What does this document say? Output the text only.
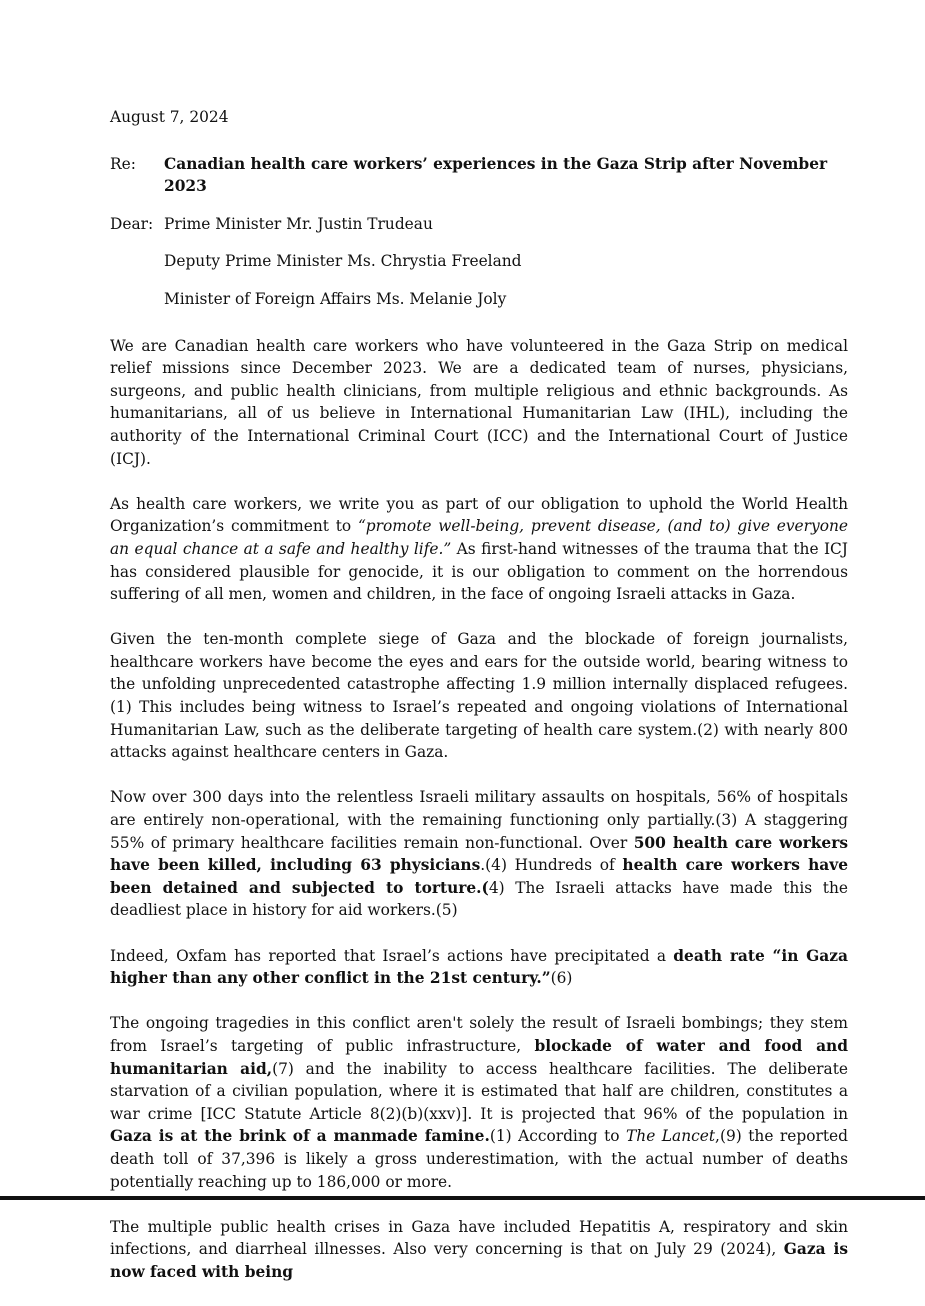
August 7, 2024
Re:	Canadian health care workers’ experiences in the Gaza Strip after November 2023
Dear: Prime Minister Mr. Justin Trudeau
Deputy Prime Minister Ms. Chrystia Freeland
Minister of Foreign Affairs Ms. Melanie Joly

We are Canadian health care workers who have volunteered in the Gaza Strip on medical relief missions since December 2023. We are a dedicated team of nurses, physicians, surgeons, and public health clinicians, from multiple religious and ethnic backgrounds. As humanitarians, all of us believe in International Humanitarian Law (IHL), including the authority of the International Criminal Court (ICC) and the International Court of Justice (ICJ).

As health care workers, we write you as part of our obligation to uphold the World Health Organization’s commitment to “promote well-being, prevent disease, (and to) give everyone an equal chance at a safe and healthy life.” As first-hand witnesses of the trauma that the ICJ has considered plausible for genocide, it is our obligation to comment on the horrendous suffering of all men, women and children, in the face of ongoing Israeli attacks in Gaza.

Given the ten-month complete siege of Gaza and the blockade of foreign journalists, healthcare workers have become the eyes and ears for the outside world, bearing witness to the unfolding unprecedented catastrophe affecting 1.9 million internally displaced refugees.(1) This includes being witness to Israel’s repeated and ongoing violations of International Humanitarian Law, such as the deliberate targeting of health care system.(2) with nearly 800 attacks against healthcare centers in Gaza.

Now over 300 days into the relentless Israeli military assaults on hospitals, 56% of hospitals are entirely non-operational, with the remaining functioning only partially.(3) A staggering 55% of primary healthcare facilities remain non-functional. Over 500 health care workers have been killed, including 63 physicians.(4) Hundreds of health care workers have been detained and subjected to torture.(4) The Israeli attacks have made this the deadliest place in history for aid workers.(5)

Indeed, Oxfam has reported that Israel’s actions have precipitated a death rate “in Gaza higher than any other conflict in the 21st century.”(6)

The ongoing tragedies in this conflict aren't solely the result of Israeli bombings; they stem from Israel’s targeting of public infrastructure, blockade of water and food and humanitarian aid,(7) and the inability to access healthcare facilities. The deliberate starvation of a civilian population, where it is estimated that half are children, constitutes a war crime [ICC Statute Article 8(2)(b)(xxv)]. It is projected that 96% of the population in Gaza is at the brink of a manmade famine.(1) According to The Lancet,(9) the reported death toll of 37,396 is likely a gross underestimation, with the actual number of deaths potentially reaching up to 186,000 or more.

The multiple public health crises in Gaza have included Hepatitis A, respiratory and skin infections, and diarrheal illnesses. Also very concerning is that on July 29 (2024), Gaza is now faced with being
